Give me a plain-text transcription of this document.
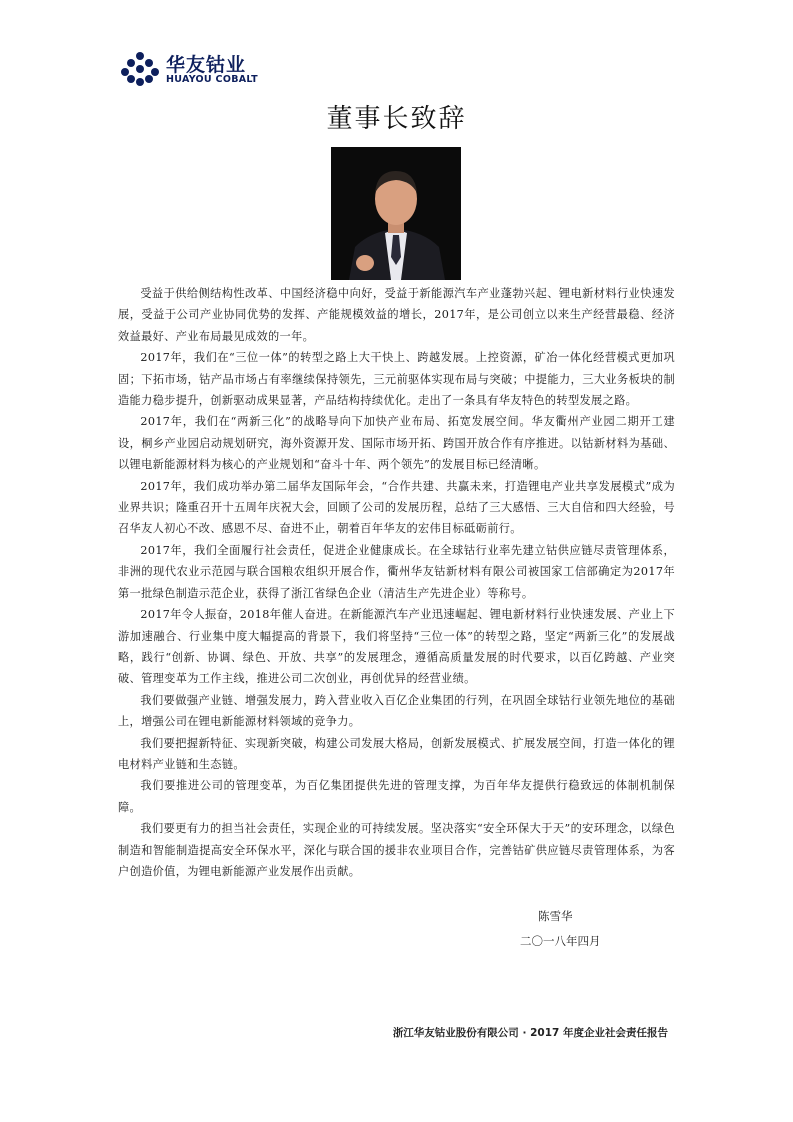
华友钴业
HUAYOU COBALT
董事长致辞

受益于供给侧结构性改革、中国经济稳中向好，受益于新能源汽车产业蓬勃兴起、锂电新材料行业快速发展，受益于公司产业协同优势的发挥、产能规模效益的增长，2017年，是公司创立以来生产经营最稳、经济效益最好、产业布局最见成效的一年。

2017年，我们在“三位一体”的转型之路上大干快上、跨越发展。上控资源，矿冶一体化经营模式更加巩固；下拓市场，钴产品市场占有率继续保持领先，三元前驱体实现布局与突破；中提能力，三大业务板块的制造能力稳步提升，创新驱动成果显著，产品结构持续优化。走出了一条具有华友特色的转型发展之路。

2017年，我们在“两新三化”的战略导向下加快产业布局、拓宽发展空间。华友衢州产业园二期开工建设，桐乡产业园启动规划研究，海外资源开发、国际市场开拓、跨国开放合作有序推进。以钴新材料为基础、以锂电新能源材料为核心的产业规划和“奋斗十年、两个领先”的发展目标已经清晰。

2017年，我们成功举办第二届华友国际年会，“合作共建、共赢未来，打造锂电产业共享发展模式”成为业界共识；隆重召开十五周年庆祝大会，回顾了公司的发展历程，总结了三大感悟、三大自信和四大经验，号召华友人初心不改、感恩不尽、奋进不止，朝着百年华友的宏伟目标砥砺前行。

2017年，我们全面履行社会责任，促进企业健康成长。在全球钴行业率先建立钴供应链尽责管理体系，非洲的现代农业示范园与联合国粮农组织开展合作，衢州华友钴新材料有限公司被国家工信部确定为2017年第一批绿色制造示范企业，获得了浙江省绿色企业（清洁生产先进企业）等称号。

2017年令人振奋，2018年催人奋进。在新能源汽车产业迅速崛起、锂电新材料行业快速发展、产业上下游加速融合、行业集中度大幅提高的背景下，我们将坚持“三位一体”的转型之路，坚定“两新三化”的发展战略，践行“创新、协调、绿色、开放、共享”的发展理念，遵循高质量发展的时代要求，以百亿跨越、产业突破、管理变革为工作主线，推进公司二次创业，再创优异的经营业绩。

我们要做强产业链、增强发展力，跨入营业收入百亿企业集团的行列，在巩固全球钴行业领先地位的基础上，增强公司在锂电新能源材料领域的竞争力。

我们要把握新特征、实现新突破，构建公司发展大格局，创新发展模式、扩展发展空间，打造一体化的锂电材料产业链和生态链。

我们要推进公司的管理变革，为百亿集团提供先进的管理支撑，为百年华友提供行稳致远的体制机制保障。

我们要更有力的担当社会责任，实现企业的可持续发展。坚决落实“安全环保大于天”的安环理念，以绿色制造和智能制造提高安全环保水平，深化与联合国的援非农业项目合作，完善钴矿供应链尽责管理体系，为客户创造价值，为锂电新能源产业发展作出贡献。

陈雪华
二〇一八年四月
浙江华友钴业股份有限公司 · 2017 年度企业社会责任报告
